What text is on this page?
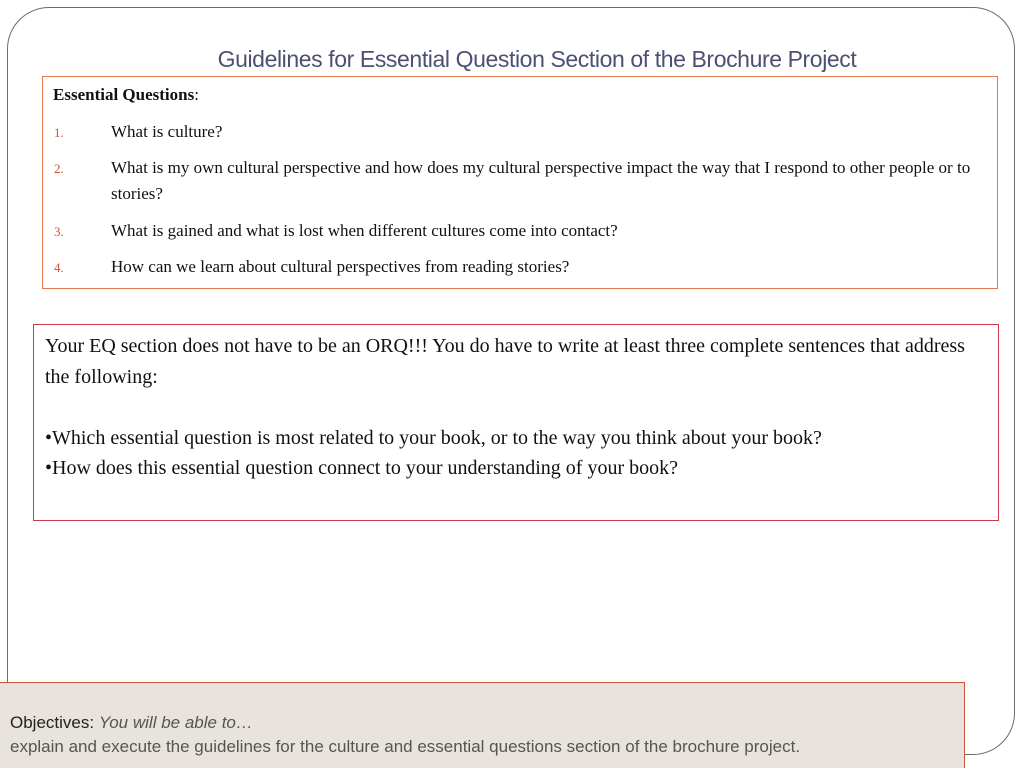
Guidelines for Essential Question Section of the Brochure Project
Essential Questions:
1.	What is culture?
2.	What is my own cultural perspective and how does my cultural perspective impact the way that I respond to other people or to stories?
3.	What is gained and what is lost when different cultures come into contact?
4.	How can we learn about cultural perspectives from reading stories?
Your EQ section does not have to be an ORQ!!! You do have to write at least three complete sentences that address the following:
•Which essential question is most related to your book, or to the way you think about your book?
•How does this essential question connect to your understanding of your book?
Objectives: You will be able to…
explain and execute the guidelines for the culture and essential questions section of the brochure project.
